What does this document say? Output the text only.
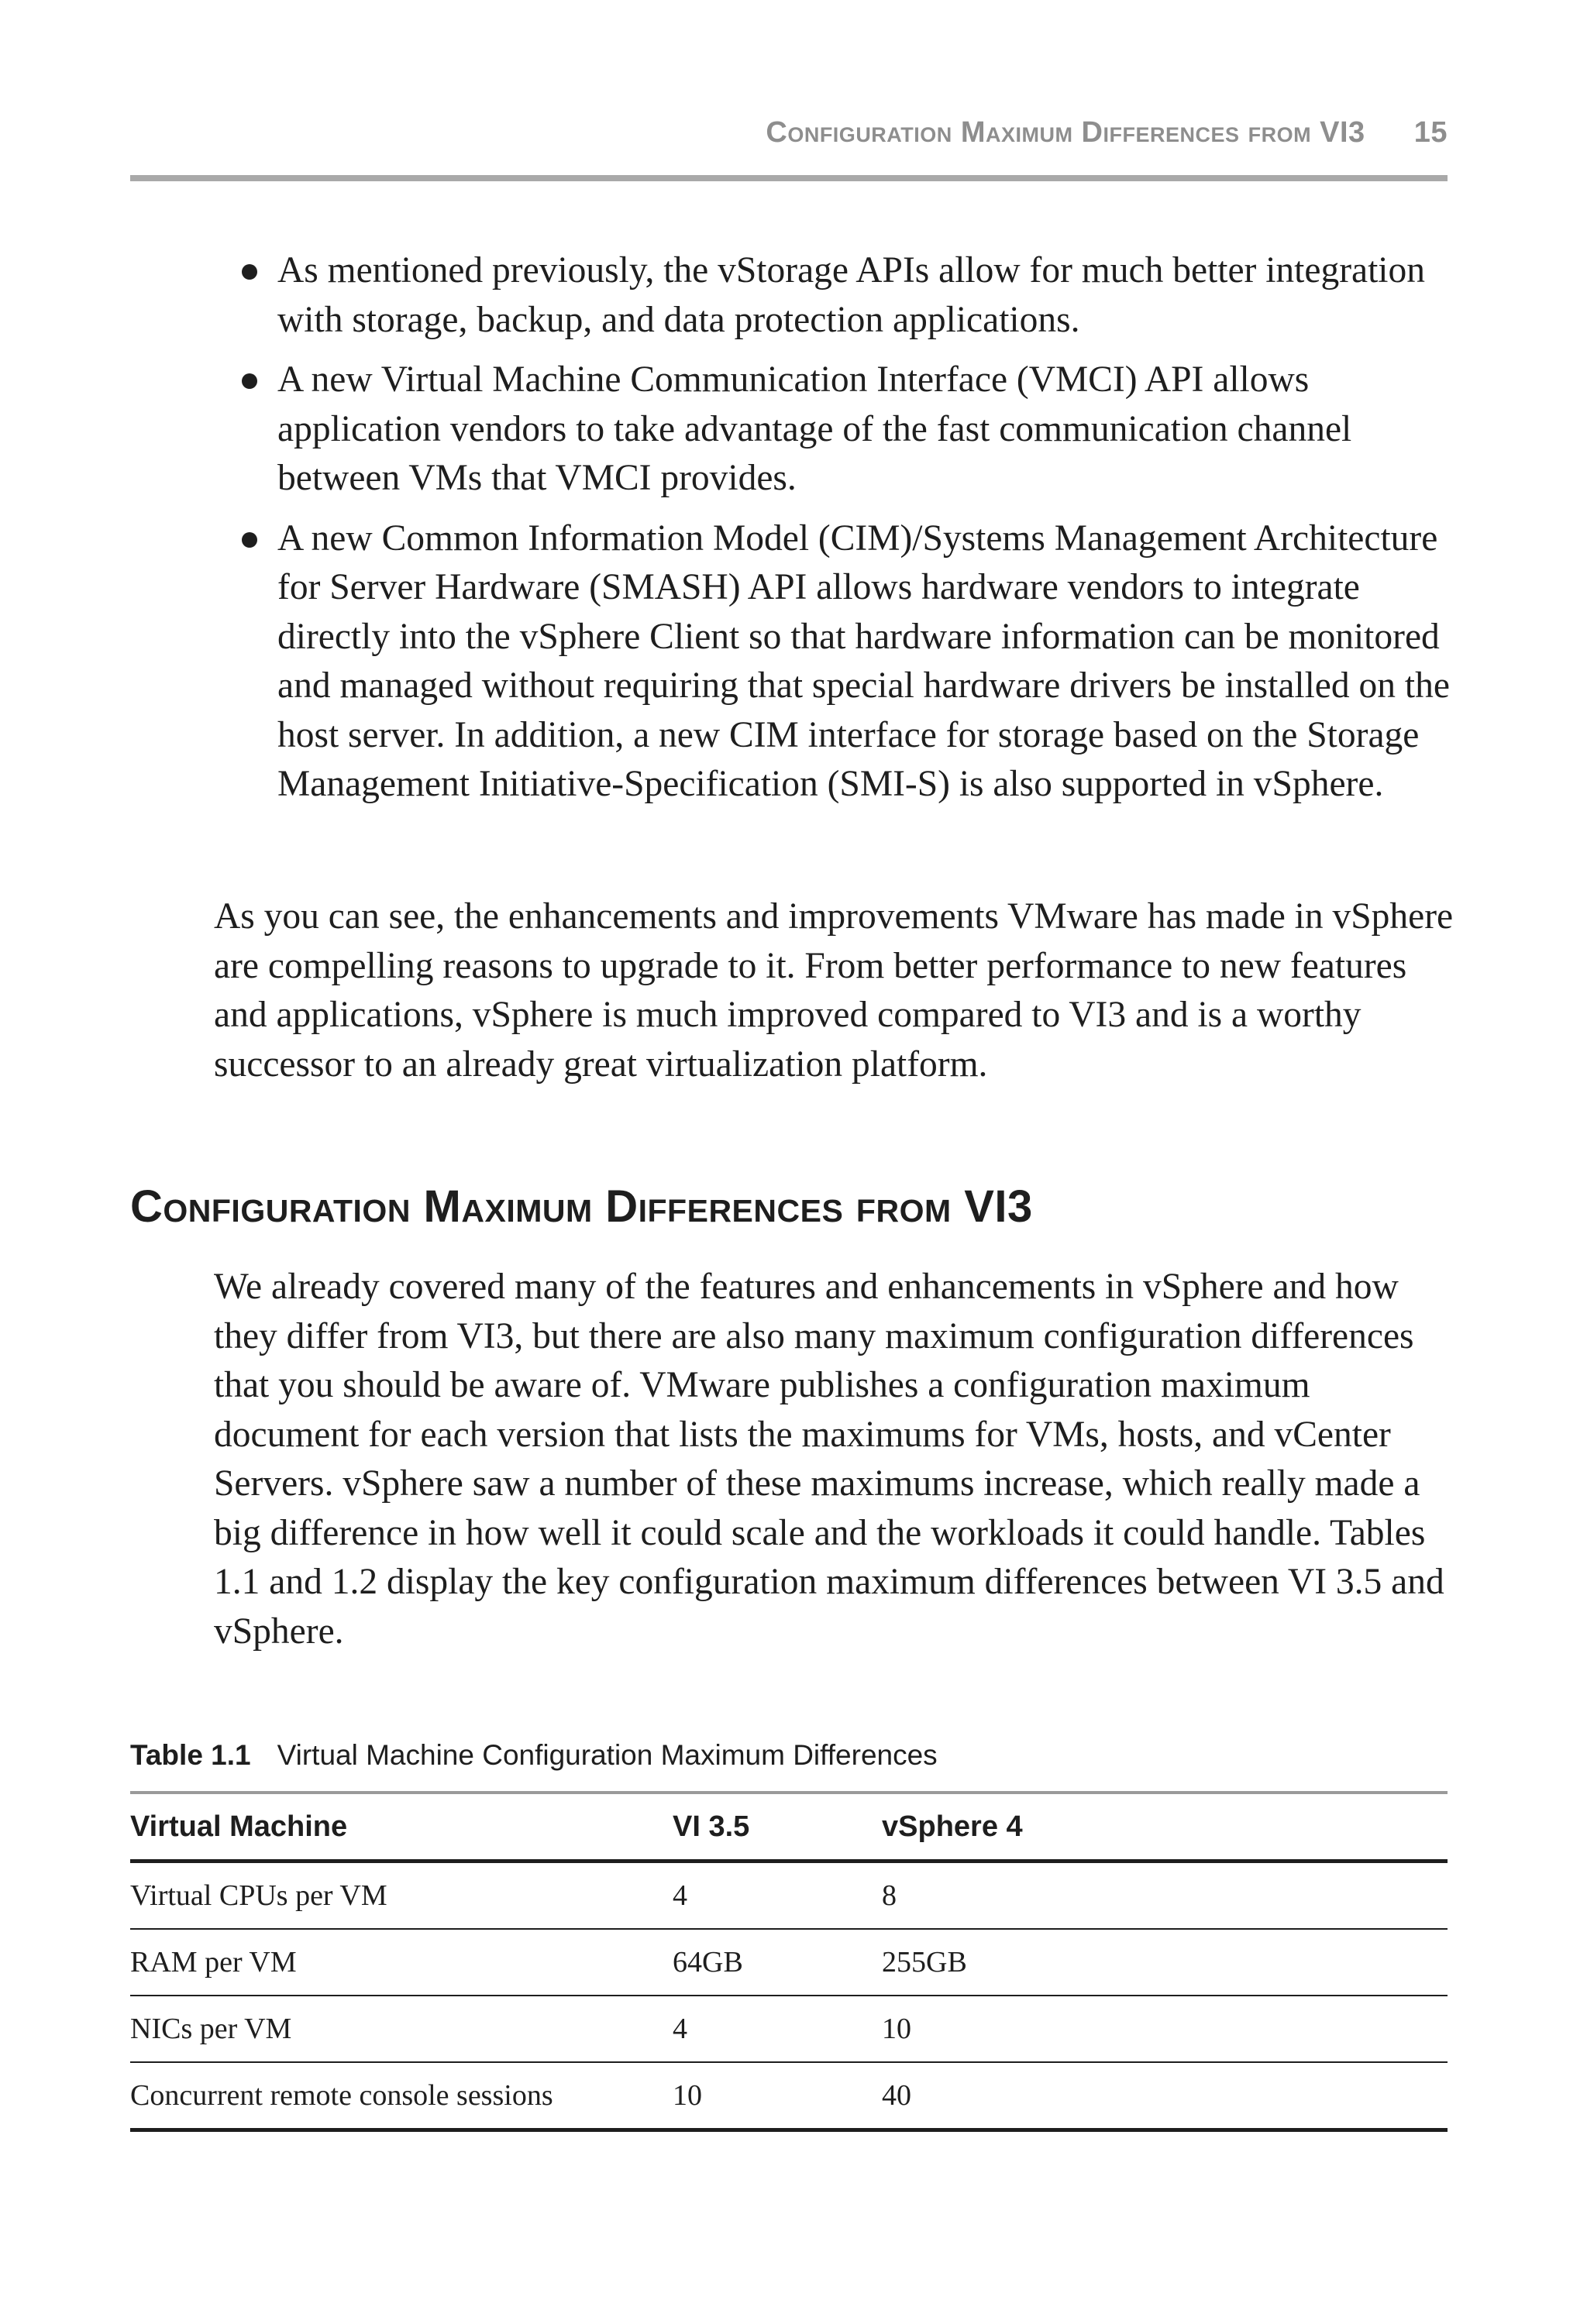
Configuration Maximum Differences from VI3 15
As mentioned previously, the vStorage APIs allow for much better integration with storage, backup, and data protection applications.
A new Virtual Machine Communication Interface (VMCI) API allows application vendors to take advantage of the fast communication channel between VMs that VMCI provides.
A new Common Information Model (CIM)/Systems Management Architecture for Server Hardware (SMASH) API allows hardware vendors to integrate directly into the vSphere Client so that hardware information can be monitored and managed without requiring that special hardware drivers be installed on the host server. In addition, a new CIM interface for storage based on the Storage Management Initiative-Specification (SMI-S) is also supported in vSphere.

As you can see, the enhancements and improvements VMware has made in vSphere are compelling reasons to upgrade to it. From better performance to new features and applications, vSphere is much improved compared to VI3 and is a worthy successor to an already great virtualization platform.

Configuration Maximum Differences from VI3

We already covered many of the features and enhancements in vSphere and how they differ from VI3, but there are also many maximum configuration differences that you should be aware of. VMware publishes a configuration maximum document for each version that lists the maximums for VMs, hosts, and vCenter Servers. vSphere saw a number of these maximums increase, which really made a big difference in how well it could scale and the workloads it could handle. Tables 1.1 and 1.2 display the key configuration maximum differences between VI 3.5 and vSphere.

Table 1.1 Virtual Machine Configuration Maximum Differences
Virtual Machine	VI 3.5	vSphere 4
Virtual CPUs per VM	4	8
RAM per VM	64GB	255GB
NICs per VM	4	10
Concurrent remote console sessions	10	40
